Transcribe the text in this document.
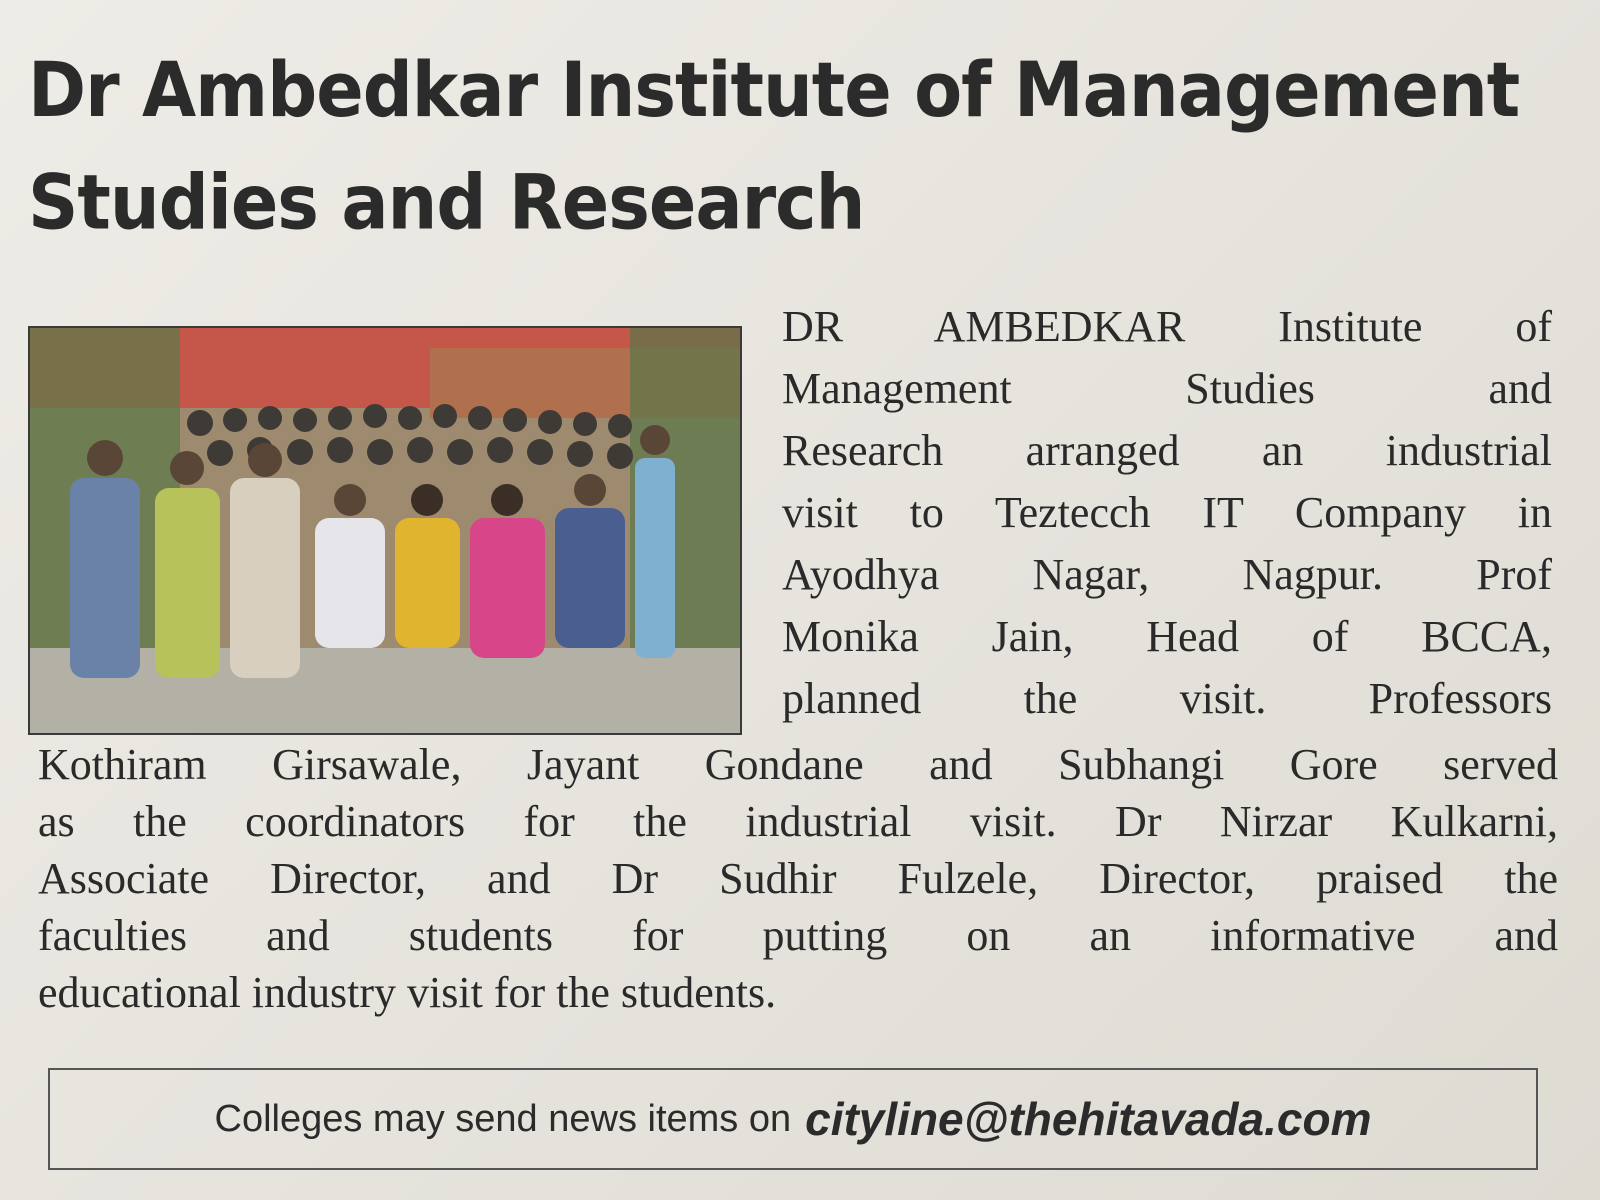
Dr Ambedkar Institute of Management
Studies and Research
DR AMBEDKAR Institute of
Management Studies and
Research arranged an industrial
visit to Teztecch IT Company in
Ayodhya Nagar, Nagpur. Prof
Monika Jain, Head of BCCA,
planned the visit. Professors
Kothiram Girsawale, Jayant Gondane and Subhangi Gore served
as the coordinators for the industrial visit. Dr Nirzar Kulkarni,
Associate Director, and Dr Sudhir Fulzele, Director, praised the
faculties and students for putting on an informative and
educational industry visit for the students.
Colleges may send news items on cityline@thehitavada.com
